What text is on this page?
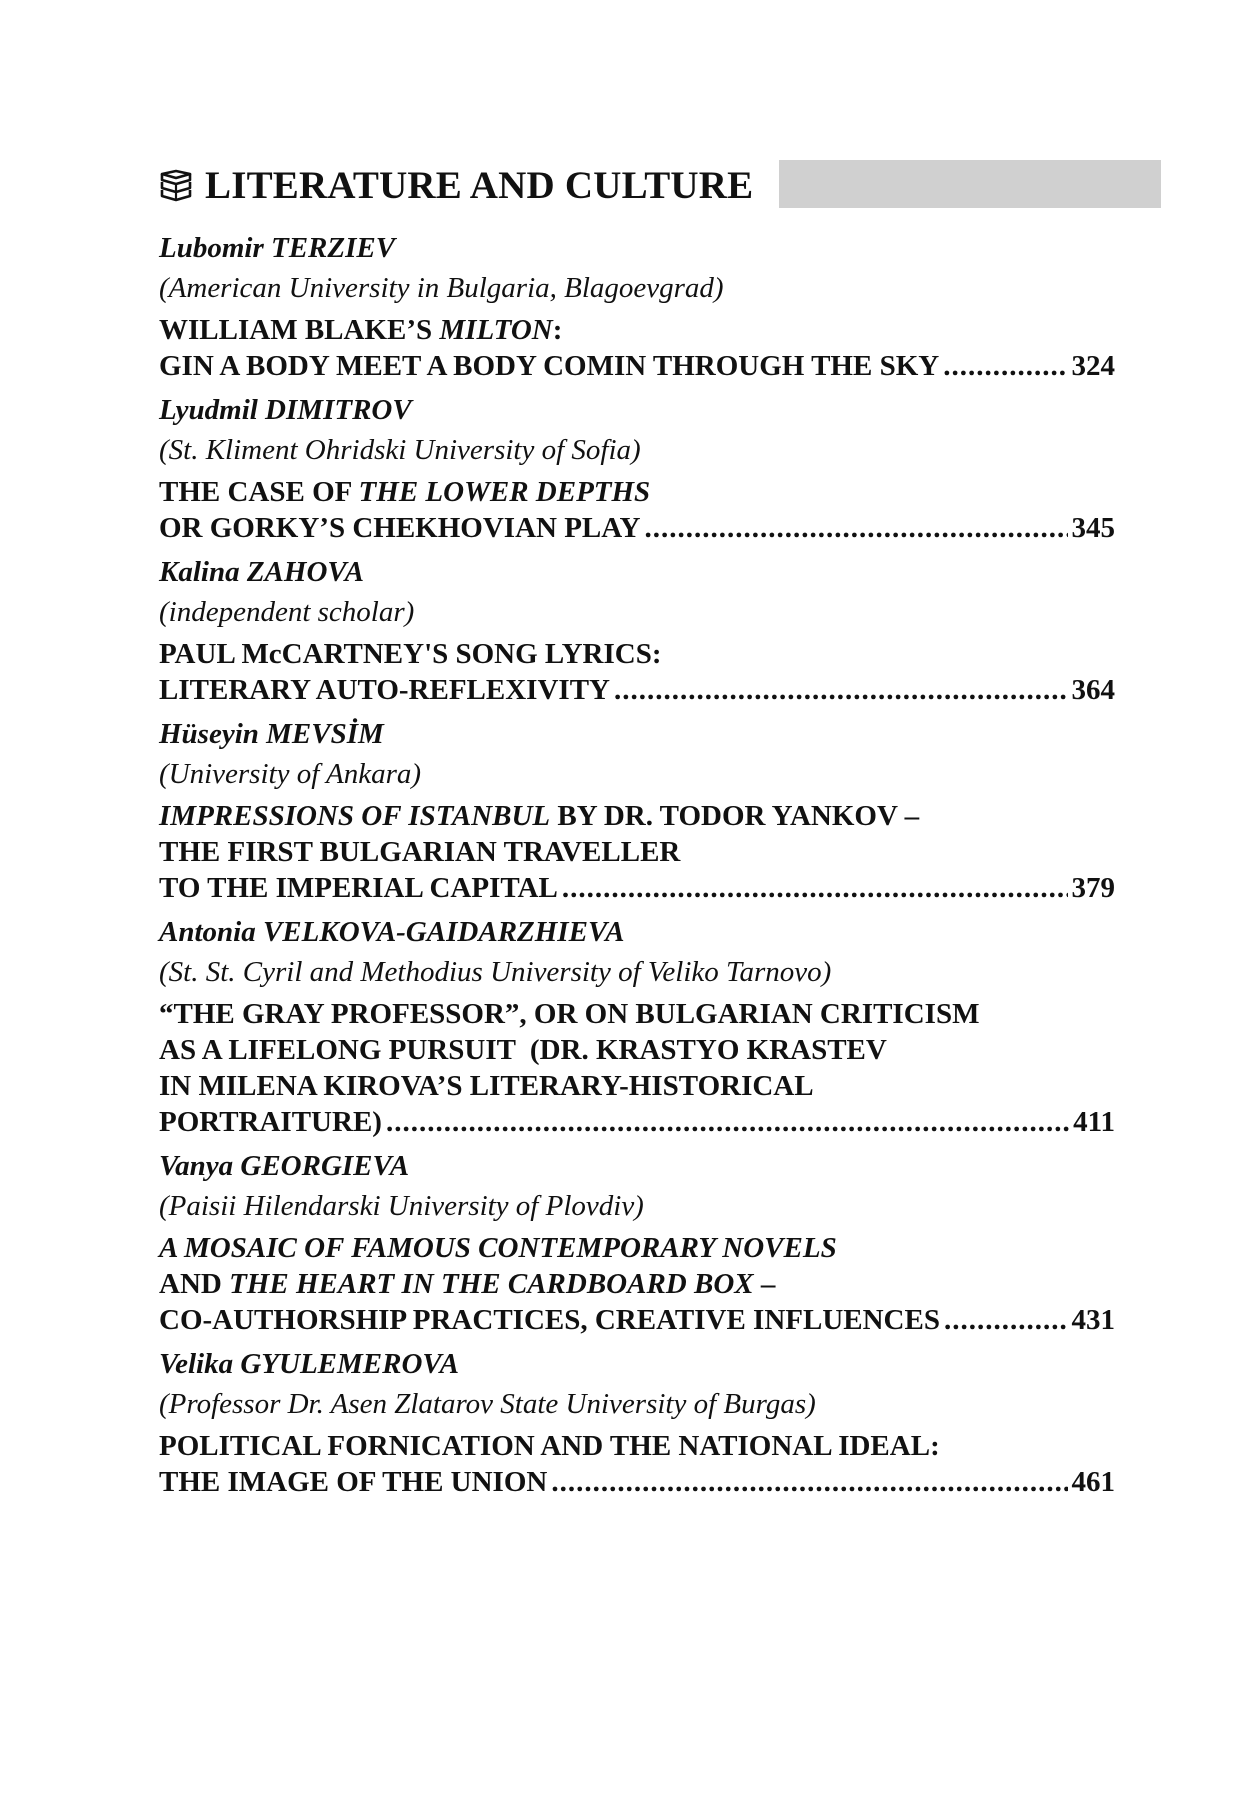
LITERATURE AND CULTURE
Lubomir TERZIEV
(American University in Bulgaria, Blagoevgrad)
WILLIAM BLAKE’S MILTON:
GIN A BODY MEET A BODY COMIN THROUGH THE SKY .....	324
Lyudmil DIMITROV
(St. Kliment Ohridski University of Sofia)
THE CASE OF THE LOWER DEPTHS
OR GORKY’S CHEKHOVIAN PLAY .....	345
Kalina ZAHOVA
(independent scholar)
PAUL McCARTNEY'S SONG LYRICS:
LITERARY AUTO-REFLEXIVITY .....	364
Hüseyin MEVSİM
(University of Ankara)
IMPRESSIONS OF ISTANBUL BY DR. TODOR YANKOV –
THE FIRST BULGARIAN TRAVELLER
TO THE IMPERIAL CAPITAL .....	379
Antonia VELKOVA-GAIDARZHIEVA
(St. St. Cyril and Methodius University of Veliko Tarnovo)
“THE GRAY PROFESSOR”, OR ON BULGARIAN CRITICISM
AS A LIFELONG PURSUIT  (DR. KRASTYO KRASTEV
IN MILENA KIROVA’S LITERARY-HISTORICAL
PORTRAITURE) .....	411
Vanya GEORGIEVA
(Paisii Hilendarski University of Plovdiv)
A MOSAIC OF FAMOUS CONTEMPORARY NOVELS
AND THE HEART IN THE CARDBOARD BOX –
CO-AUTHORSHIP PRACTICES, CREATIVE INFLUENCES .....	431
Velika GYULEMEROVA
(Professor Dr. Asen Zlatarov State University of Burgas)
POLITICAL FORNICATION AND THE NATIONAL IDEAL:
THE IMAGE OF THE UNION .....	461
